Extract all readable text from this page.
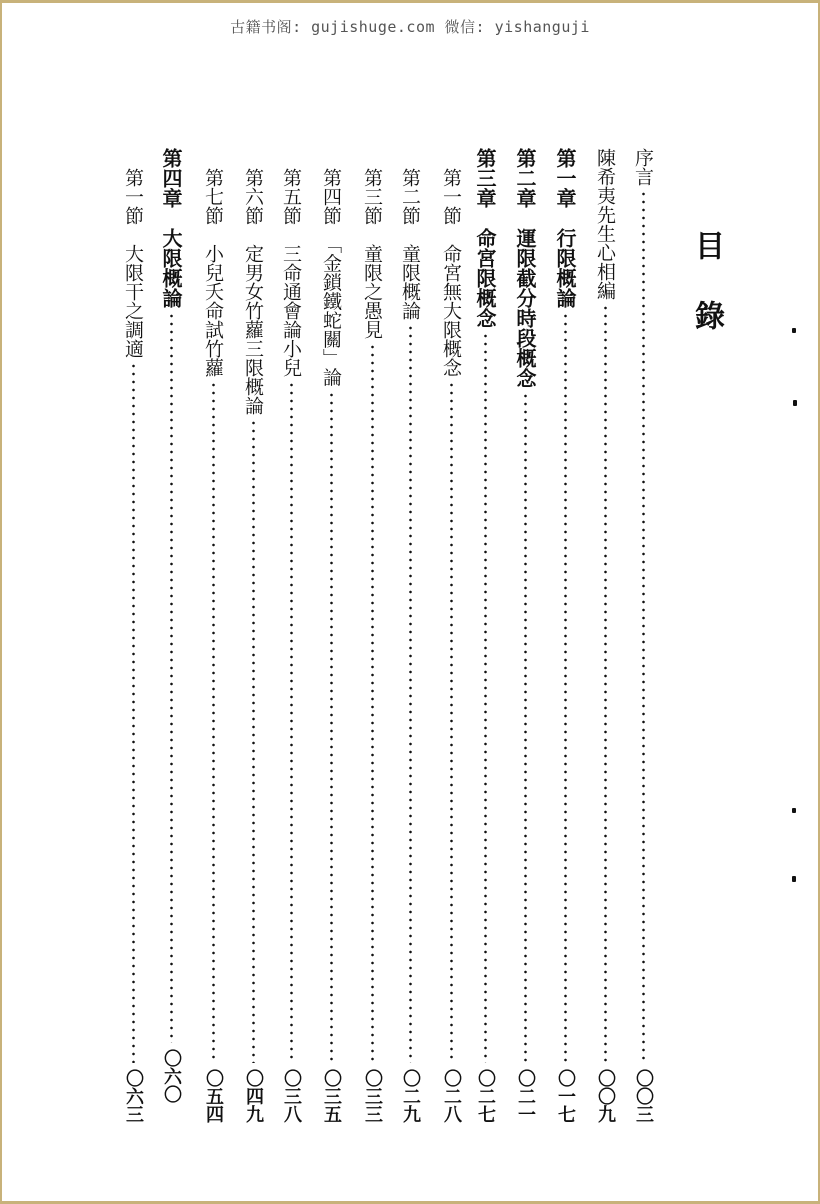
古籍书阁: gujishuge.com 微信: yishanguji
目錄
序言
〇〇三
陳希夷先生心相編
〇〇九
第一章　行限概論
〇一七
第二章　運限截分時段概念
〇二一
第三章　命宮限概念
〇二七
第一節　命宮無大限概念
〇二八
第二節　童限概論
〇二九
第三節　童限之愚見
〇三三
第四節　「金鎖鐵蛇關」論
〇三五
第五節　三命通會論小兒
〇三八
第六節　定男女竹蘿三限概論
〇四九
第七節　小兒夭命試竹蘿
〇五四
第四章　大限概論
〇六〇
第一節　大限干之調適
〇六三
